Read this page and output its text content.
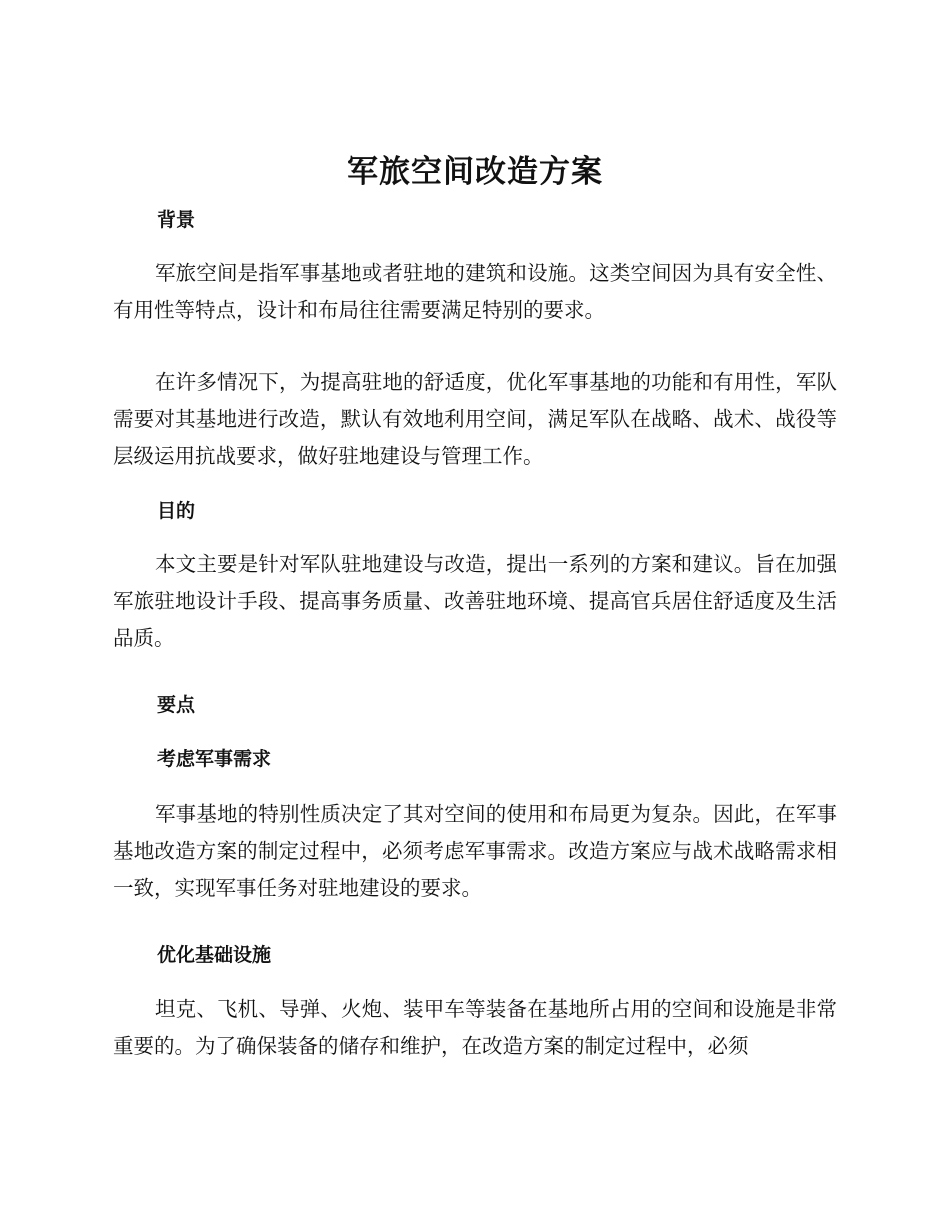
军旅空间改造方案
背景

军旅空间是指军事基地或者驻地的建筑和设施。这类空间因为具有安全性、有用性等特点，设计和布局往往需要满足特别的要求。

在许多情况下，为提高驻地的舒适度，优化军事基地的功能和有用性，军队需要对其基地进行改造，默认有效地利用空间，满足军队在战略、战术、战役等层级运用抗战要求，做好驻地建设与管理工作。

目的

本文主要是针对军队驻地建设与改造，提出一系列的方案和建议。旨在加强军旅驻地设计手段、提高事务质量、改善驻地环境、提高官兵居住舒适度及生活品质。

要点
考虑军事需求

军事基地的特别性质决定了其对空间的使用和布局更为复杂。因此，在军事基地改造方案的制定过程中，必须考虑军事需求。改造方案应与战术战略需求相一致，实现军事任务对驻地建设的要求。

优化基础设施

坦克、飞机、导弹、火炮、装甲车等装备在基地所占用的空间和设施是非常重要的。为了确保装备的储存和维护，在改造方案的制定过程中，必须
